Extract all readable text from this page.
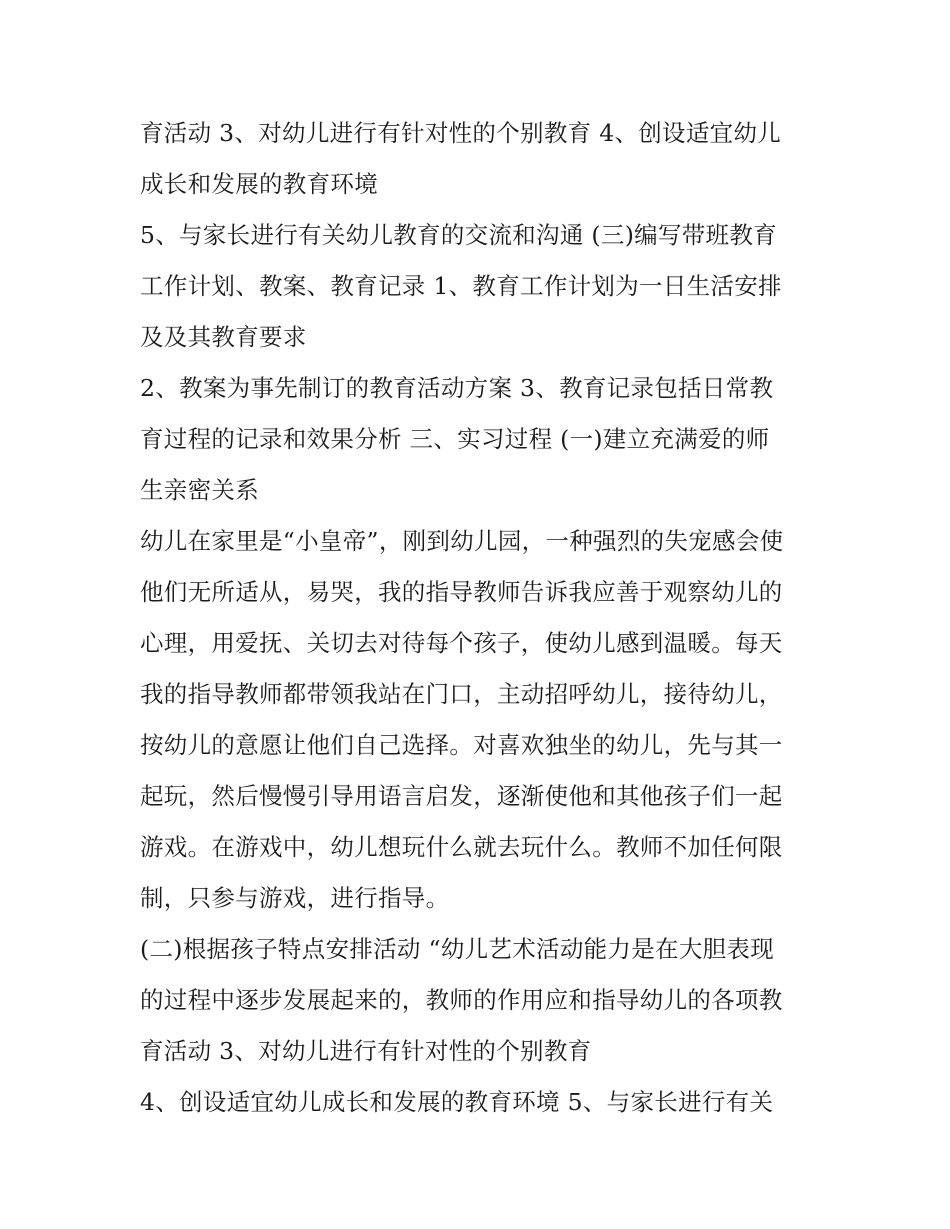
育活动 3、对幼儿进行有针对性的个别教育 4、创设适宜幼儿
成长和发展的教育环境
5、与家长进行有关幼儿教育的交流和沟通 (三)编写带班教育
工作计划、教案、教育记录 1、教育工作计划为一日生活安排
及及其教育要求
2、教案为事先制订的教育活动方案 3、教育记录包括日常教
育过程的记录和效果分析 三、实习过程 (一)建立充满爱的师
生亲密关系
幼儿在家里是“小皇帝”，刚到幼儿园，一种强烈的失宠感会使
他们无所适从，易哭，我的指导教师告诉我应善于观察幼儿的
心理，用爱抚、关切去对待每个孩子，使幼儿感到温暖。每天
我的指导教师都带领我站在门口，主动招呼幼儿，接待幼儿，
按幼儿的意愿让他们自己选择。对喜欢独坐的幼儿，先与其一
起玩，然后慢慢引导用语言启发，逐渐使他和其他孩子们一起
游戏。在游戏中，幼儿想玩什么就去玩什么。教师不加任何限
制，只参与游戏，进行指导。
(二)根据孩子特点安排活动 “幼儿艺术活动能力是在大胆表现
的过程中逐步发展起来的，教师的作用应和指导幼儿的各项教
育活动 3、对幼儿进行有针对性的个别教育
4、创设适宜幼儿成长和发展的教育环境 5、与家长进行有关
